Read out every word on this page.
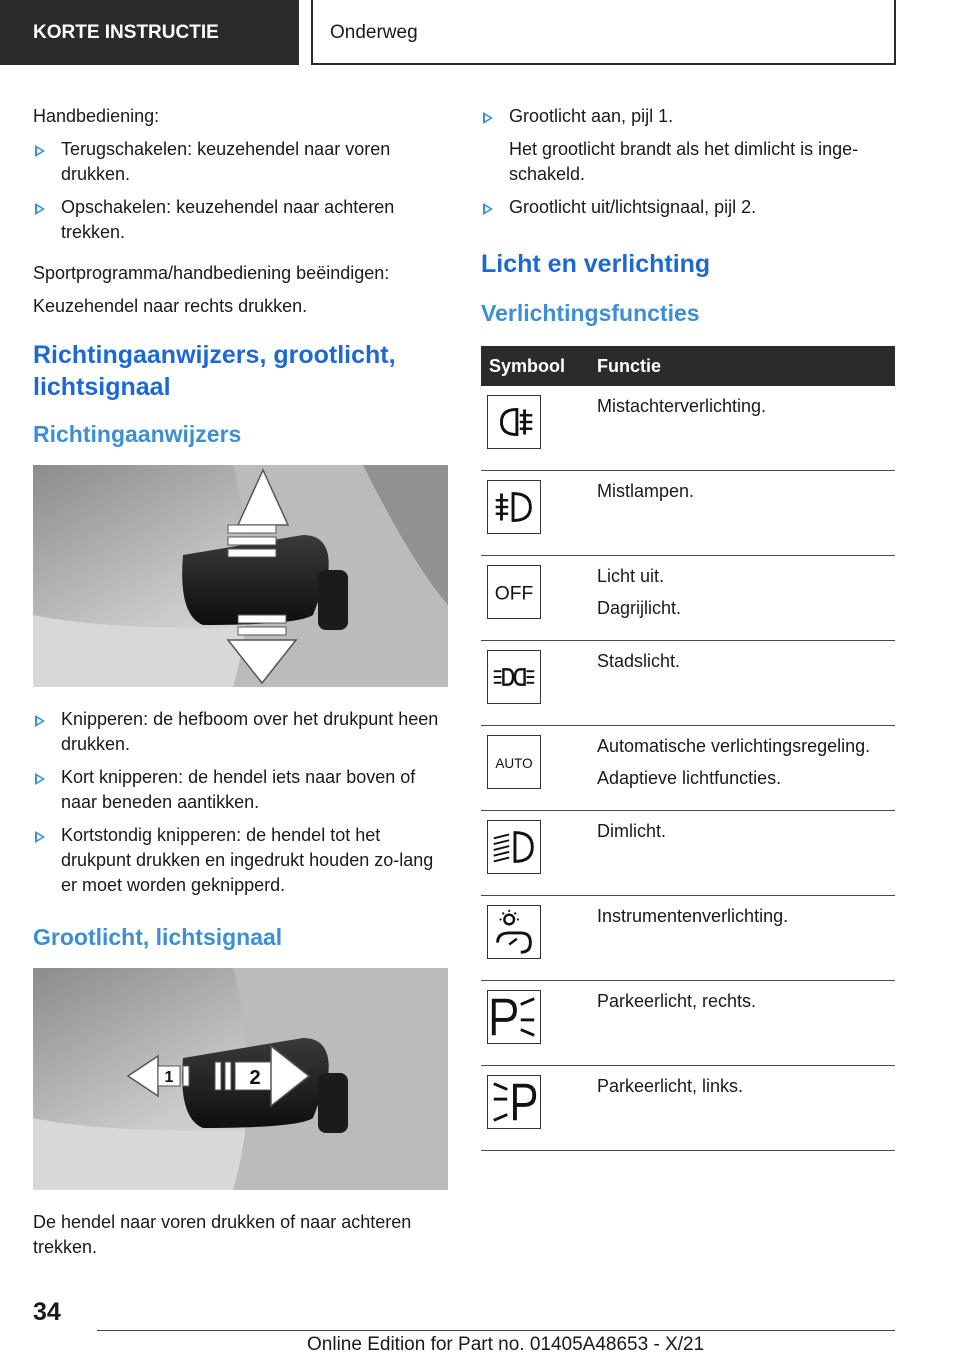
KORTE INSTRUCTIE	Onderweg

Handbediening:

Terugschakelen: keuzehendel naar voren drukken.
Opschakelen: keuzehendel naar achteren trekken.

Sportprogramma/handbediening beëindigen:

Keuzehendel naar rechts drukken.

Richtingaanwijzers, grootlicht, lichtsignaal
Richtingaanwijzers
Knipperen: de hefboom over het drukpunt heen drukken.
Kort knipperen: de hendel iets naar boven of naar beneden aantikken.
Kortstondig knipperen: de hendel tot het drukpunt drukken en ingedrukt houden zo-lang er moet worden geknipperd.
Grootlicht, lichtsignaal
1	2

De hendel naar voren drukken of naar achteren trekken.

Grootlicht aan, pijl 1.
Het grootlicht brandt als het dimlicht is inge-schakeld.
Grootlicht uit/lichtsignaal, pijl 2.
Licht en verlichting
Verlichtingsfuncties
Symbool	Functie

Mistachterverlichting.

Mistlampen.

OFF	Licht uit.
Dagrijlicht.

Stadslicht.

AUTO	Automatische verlichtingsregeling.
Adaptieve lichtfuncties.

Dimlicht.

Instrumentenverlichting.

Parkeerlicht, rechts.

Parkeerlicht, links.
34
Online Edition for Part no. 01405A48653 - X/21
